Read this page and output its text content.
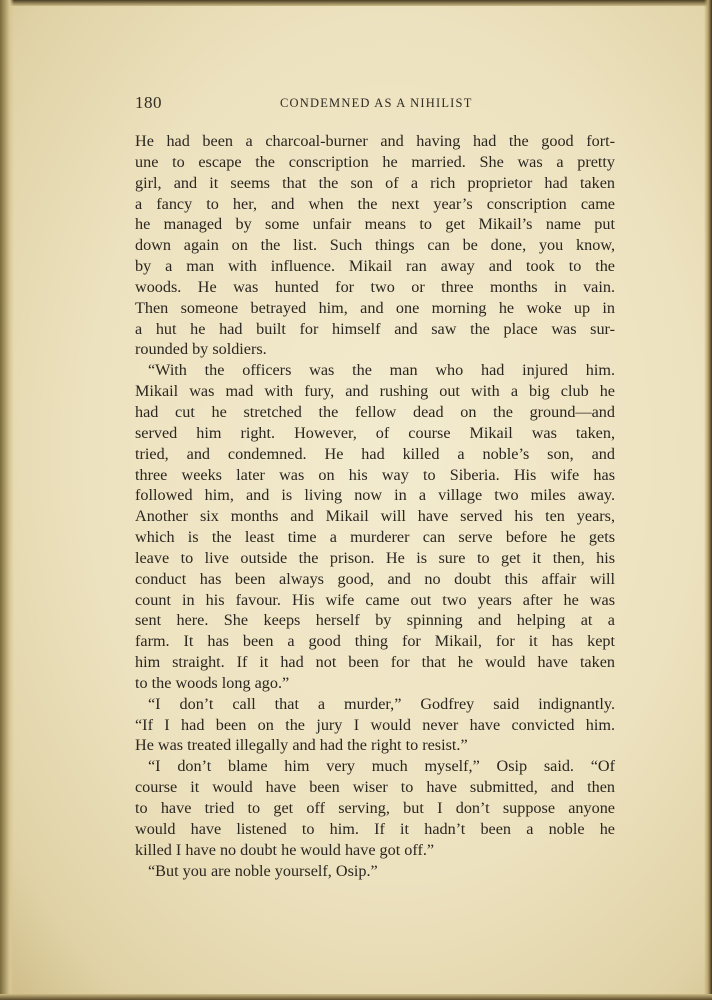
180	CONDEMNED AS A NIHILIST
He had been a charcoal-burner and having had the good fort-
une to escape the conscription he married. She was a pretty
girl, and it seems that the son of a rich proprietor had taken
a fancy to her, and when the next year’s conscription came
he managed by some unfair means to get Mikail’s name put
down again on the list. Such things can be done, you know,
by a man with influence. Mikail ran away and took to the
woods. He was hunted for two or three months in vain.
Then someone betrayed him, and one morning he woke up in
a hut he had built for himself and saw the place was sur-
rounded by soldiers.
“With the officers was the man who had injured him.
Mikail was mad with fury, and rushing out with a big club he
had cut he stretched the fellow dead on the ground—and
served him right. However, of course Mikail was taken,
tried, and condemned. He had killed a noble’s son, and
three weeks later was on his way to Siberia. His wife has
followed him, and is living now in a village two miles away.
Another six months and Mikail will have served his ten years,
which is the least time a murderer can serve before he gets
leave to live outside the prison. He is sure to get it then, his
conduct has been always good, and no doubt this affair will
count in his favour. His wife came out two years after he was
sent here. She keeps herself by spinning and helping at a
farm. It has been a good thing for Mikail, for it has kept
him straight. If it had not been for that he would have taken
to the woods long ago.”
“I don’t call that a murder,” Godfrey said indignantly.
“If I had been on the jury I would never have convicted him.
He was treated illegally and had the right to resist.”
“I don’t blame him very much myself,” Osip said. “Of
course it would have been wiser to have submitted, and then
to have tried to get off serving, but I don’t suppose anyone
would have listened to him. If it hadn’t been a noble he
killed I have no doubt he would have got off.”
“But you are noble yourself, Osip.”
